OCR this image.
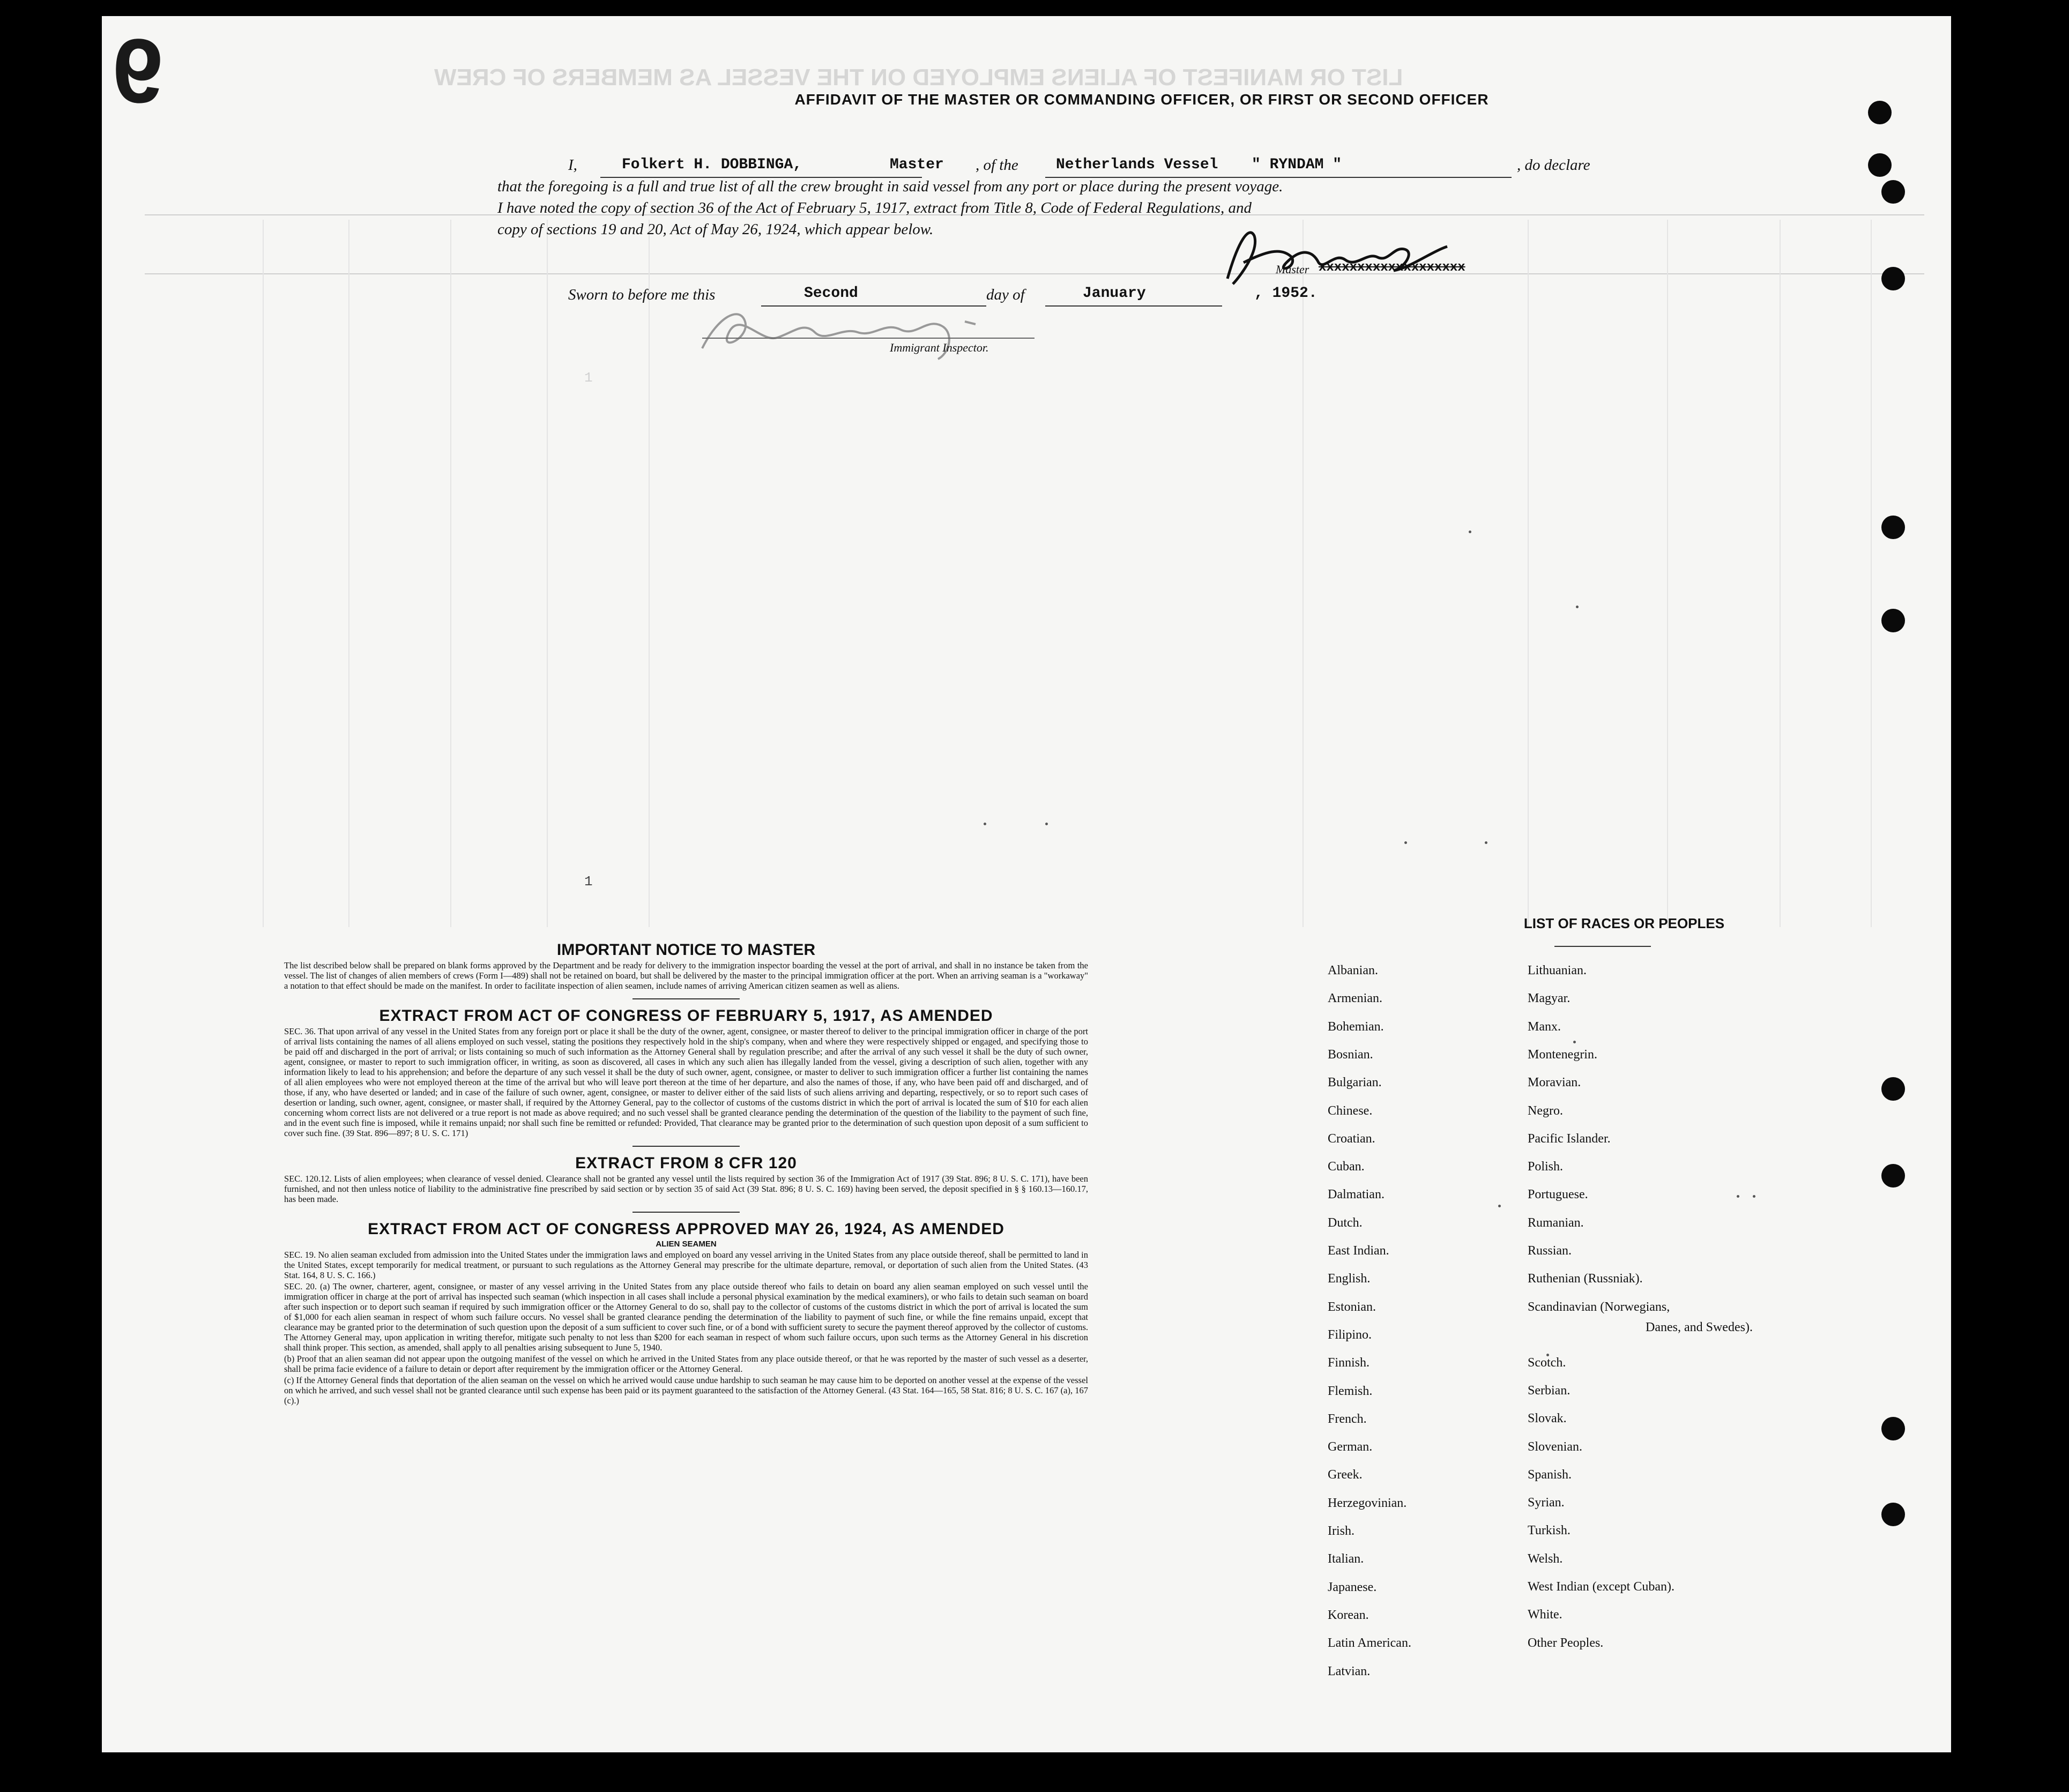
LIST OR MANIFEST OF ALIENS EMPLOYED ON THE VESSEL AS MEMBERS OF CREW
9	AFFIDAVIT OF THE MASTER OR COMMANDING OFFICER, OR FIRST OR SECOND OFFICER
I,	Folkert H. DOBBINGA,	Master , of the	Netherlands Vessel " RYNDAM "	, do declare
that the foregoing is a full and true list of all the crew brought in said vessel from any port or place during the present voyage.
I have noted the copy of section 36 of the Act of February 5, 1917, extract from Title 8, Code of Federal Regulations, and
copy of sections 19 and 20, Act of May 26, 1924, which appear below.
Master xxxxxxxxxxxxxxxxxxx
Sworn to before me this	Second	day of	January	, 1952.
Immigrant Inspector.
1
1

IMPORTANT NOTICE TO MASTER

The list described below shall be prepared on blank forms approved by the Department and be ready for delivery to the immigration inspector boarding the vessel at the port of arrival, and shall in no instance be taken from the vessel. The list of changes of alien members of crews (Form I—489) shall not be retained on board, but shall be delivered by the master to the principal immigration officer at the port. When an arriving seaman is a "workaway" a notation to that effect should be made on the manifest. In order to facilitate inspection of alien seamen, include names of arriving American citizen seamen as well as aliens.

EXTRACT FROM ACT OF CONGRESS OF FEBRUARY 5, 1917, AS AMENDED

SEC. 36. That upon arrival of any vessel in the United States from any foreign port or place it shall be the duty of the owner, agent, consignee, or master thereof to deliver to the principal immigration officer in charge of the port of arrival lists containing the names of all aliens employed on such vessel, stating the positions they respectively hold in the ship's company, when and where they were respectively shipped or engaged, and specifying those to be paid off and discharged in the port of arrival; or lists containing so much of such information as the Attorney General shall by regulation prescribe; and after the arrival of any such vessel it shall be the duty of such owner, agent, consignee, or master to report to such immigration officer, in writing, as soon as discovered, all cases in which any such alien has illegally landed from the vessel, giving a description of such alien, together with any information likely to lead to his apprehension; and before the departure of any such vessel it shall be the duty of such owner, agent, consignee, or master to deliver to such immigration officer a further list containing the names of all alien employees who were not employed thereon at the time of the arrival but who will leave port thereon at the time of her departure, and also the names of those, if any, who have been paid off and discharged, and of those, if any, who have deserted or landed; and in case of the failure of such owner, agent, consignee, or master to deliver either of the said lists of such aliens arriving and departing, respectively, or so to report such cases of desertion or landing, such owner, agent, consignee, or master shall, if required by the Attorney General, pay to the collector of customs of the customs district in which the port of arrival is located the sum of $10 for each alien concerning whom correct lists are not delivered or a true report is not made as above required; and no such vessel shall be granted clearance pending the determination of the question of the liability to the payment of such fine, and in the event such fine is imposed, while it remains unpaid; nor shall such fine be remitted or refunded: Provided, That clearance may be granted prior to the determination of such question upon deposit of a sum sufficient to cover such fine. (39 Stat. 896—897; 8 U. S. C. 171)

EXTRACT FROM 8 CFR 120

SEC. 120.12. Lists of alien employees; when clearance of vessel denied. Clearance shall not be granted any vessel until the lists required by section 36 of the Immigration Act of 1917 (39 Stat. 896; 8 U. S. C. 171), have been furnished, and not then unless notice of liability to the administrative fine prescribed by said section or by section 35 of said Act (39 Stat. 896; 8 U. S. C. 169) having been served, the deposit specified in § § 160.13—160.17, has been made.

EXTRACT FROM ACT OF CONGRESS APPROVED MAY 26, 1924, AS AMENDED

ALIEN SEAMEN

SEC. 19. No alien seaman excluded from admission into the United States under the immigration laws and employed on board any vessel arriving in the United States from any place outside thereof, shall be permitted to land in the United States, except temporarily for medical treatment, or pursuant to such regulations as the Attorney General may prescribe for the ultimate departure, removal, or deportation of such alien from the United States. (43 Stat. 164, 8 U. S. C. 166.)

SEC. 20. (a) The owner, charterer, agent, consignee, or master of any vessel arriving in the United States from any place outside thereof who fails to detain on board any alien seaman employed on such vessel until the immigration officer in charge at the port of arrival has inspected such seaman (which inspection in all cases shall include a personal physical examination by the medical examiners), or who fails to detain such seaman on board after such inspection or to deport such seaman if required by such immigration officer or the Attorney General to do so, shall pay to the collector of customs of the customs district in which the port of arrival is located the sum of $1,000 for each alien seaman in respect of whom such failure occurs. No vessel shall be granted clearance pending the determination of the liability to payment of such fine, or while the fine remains unpaid, except that clearance may be granted prior to the determination of such question upon the deposit of a sum sufficient to cover such fine, or of a bond with sufficient surety to secure the payment thereof approved by the collector of customs. The Attorney General may, upon application in writing therefor, mitigate such penalty to not less than $200 for each seaman in respect of whom such failure occurs, upon such terms as the Attorney General in his discretion shall think proper. This section, as amended, shall apply to all penalties arising subsequent to June 5, 1940.

(b) Proof that an alien seaman did not appear upon the outgoing manifest of the vessel on which he arrived in the United States from any place outside thereof, or that he was reported by the master of such vessel as a deserter, shall be prima facie evidence of a failure to detain or deport after requirement by the immigration officer or the Attorney General.

(c) If the Attorney General finds that deportation of the alien seaman on the vessel on which he arrived would cause undue hardship to such seaman he may cause him to be deported on another vessel at the expense of the vessel on which he arrived, and such vessel shall not be granted clearance until such expense has been paid or its payment guaranteed to the satisfaction of the Attorney General. (43 Stat. 164—165, 58 Stat. 816; 8 U. S. C. 167 (a), 167 (c).)

LIST OF RACES OR PEOPLES
Albanian.
Armenian.
Bohemian.
Bosnian.
Bulgarian.
Chinese.
Croatian.
Cuban.
Dalmatian.
Dutch.
East Indian.
English.
Estonian.
Filipino.
Finnish.
Flemish.
French.
German.
Greek.
Herzegovinian.
Irish.
Italian.
Japanese.
Korean.
Latin American.
Latvian.
Lithuanian.
Magyar.
Manx.
Montenegrin.
Moravian.
Negro.
Pacific Islander.
Polish.
Portuguese.
Rumanian.
Russian.
Ruthenian (Russniak).
Scandinavian (Norwegians,
Danes, and Swedes).
Scotch.
Serbian.
Slovak.
Slovenian.
Spanish.
Syrian.
Turkish.
Welsh.
West Indian (except Cuban).
White.
Other Peoples.
